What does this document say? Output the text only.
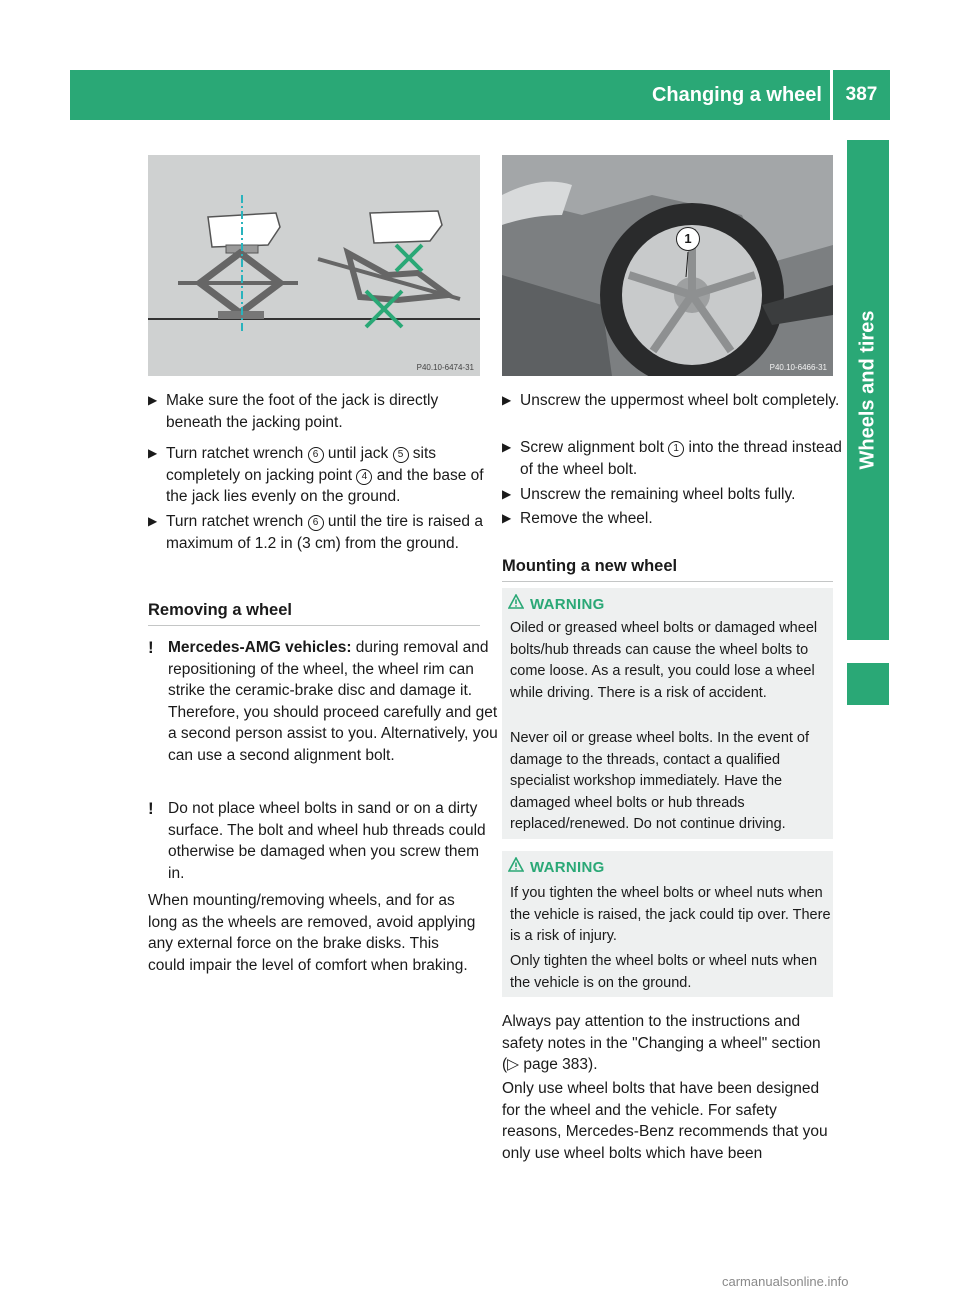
Changing a wheel	387
Wheels and tires
P40.10-6474-31
1
P40.10-6466-31
▶ Make sure the foot of the jack is directly beneath the jacking point.
▶ Turn ratchet wrench 6 until jack 5 sits completely on jacking point 4 and the base of the jack lies evenly on the ground.
▶ Turn ratchet wrench 6 until the tire is raised a maximum of 1.2 in (3 cm) from the ground.
Removing a wheel
! Mercedes-AMG vehicles: during removal and repositioning of the wheel, the wheel rim can strike the ceramic-brake disc and damage it. Therefore, you should proceed carefully and get a second person assist to you. Alternatively, you can use a second alignment bolt.
! Do not place wheel bolts in sand or on a dirty surface. The bolt and wheel hub threads could otherwise be damaged when you screw them in.
When mounting/removing wheels, and for as long as the wheels are removed, avoid applying any external force on the brake disks. This could impair the level of comfort when braking.
▶ Unscrew the uppermost wheel bolt completely.
▶ Screw alignment bolt 1 into the thread instead of the wheel bolt.
▶ Unscrew the remaining wheel bolts fully.
▶ Remove the wheel.
Mounting a new wheel
WARNING
Oiled or greased wheel bolts or damaged wheel bolts/hub threads can cause the wheel bolts to come loose. As a result, you could lose a wheel while driving. There is a risk of accident.
Never oil or grease wheel bolts. In the event of damage to the threads, contact a qualified specialist workshop immediately. Have the damaged wheel bolts or hub threads replaced/renewed. Do not continue driving.
WARNING
If you tighten the wheel bolts or wheel nuts when the vehicle is raised, the jack could tip over. There is a risk of injury.
Only tighten the wheel bolts or wheel nuts when the vehicle is on the ground.
Always pay attention to the instructions and safety notes in the "Changing a wheel" section (▷ page 383).
Only use wheel bolts that have been designed for the wheel and the vehicle. For safety reasons, Mercedes-Benz recommends that you only use wheel bolts which have been
carmanualsonline.info
